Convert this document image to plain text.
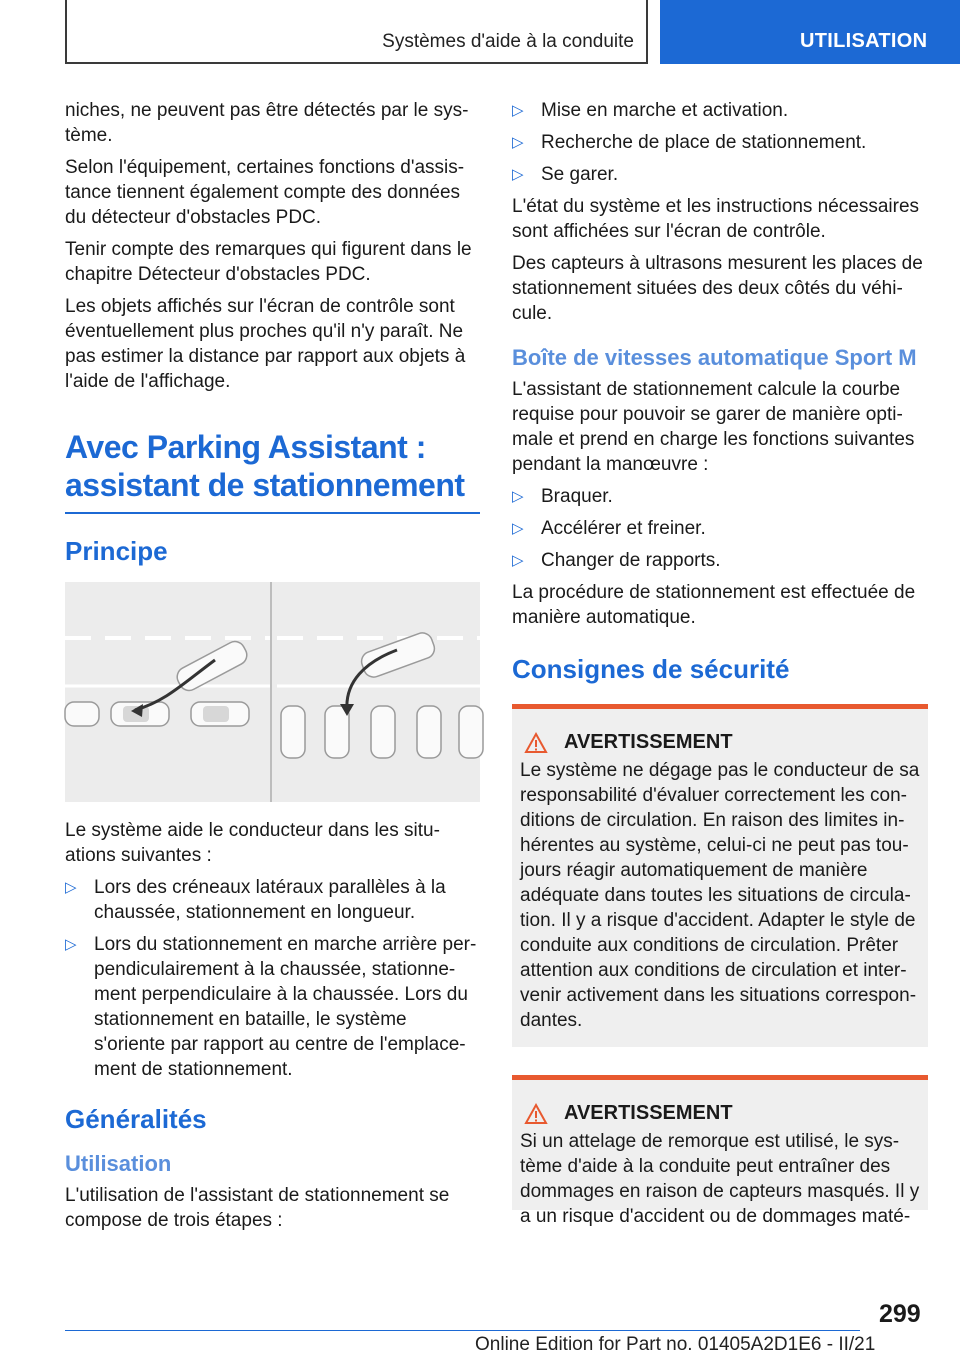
Systèmes d'aide à la conduite	UTILISATION

niches, ne peuvent pas être détectés par le sys-tème.

Selon l'équipement, certaines fonctions d'assis-tance tiennent également compte des données du détecteur d'obstacles PDC.

Tenir compte des remarques qui figurent dans le chapitre Détecteur d'obstacles PDC.

Les objets affichés sur l'écran de contrôle sont éventuellement plus proches qu'il n'y paraît. Ne pas estimer la distance par rapport aux objets à l'aide de l'affichage.

Avec Parking Assistant : assistant de stationnement
Principe

Le système aide le conducteur dans les situ-ations suivantes :

▷ Lors des créneaux latéraux parallèles à la chaussée, stationnement en longueur.
▷ Lors du stationnement en marche arrière per-pendiculairement à la chaussée, stationne-ment perpendiculaire à la chaussée. Lors du stationnement en bataille, le système s'oriente par rapport au centre de l'emplace-ment de stationnement.
Généralités
Utilisation

L'utilisation de l'assistant de stationnement se compose de trois étapes :

▷ Mise en marche et activation.
▷ Recherche de place de stationnement.
▷ Se garer.

L'état du système et les instructions nécessaires sont affichées sur l'écran de contrôle.

Des capteurs à ultrasons mesurent les places de stationnement situées des deux côtés du véhi-cule.

Boîte de vitesses automatique Sport M

L'assistant de stationnement calcule la courbe requise pour pouvoir se garer de manière opti-male et prend en charge les fonctions suivantes pendant la manœuvre :

▷ Braquer.
▷ Accélérer et freiner.
▷ Changer de rapports.

La procédure de stationnement est effectuée de manière automatique.

Consignes de sécurité
AVERTISSEMENT

Le système ne dégage pas le conducteur de sa responsabilité d'évaluer correctement les con-ditions de circulation. En raison des limites in-hérentes au système, celui-ci ne peut pas tou-jours réagir automatiquement de manière adéquate dans toutes les situations de circula-tion. Il y a risque d'accident. Adapter le style de conduite aux conditions de circulation. Prêter attention aux conditions de circulation et inter-venir activement dans les situations correspon-dantes.

AVERTISSEMENT

Si un attelage de remorque est utilisé, le sys-tème d'aide à la conduite peut entraîner des dommages en raison de capteurs masqués. Il y a un risque d'accident ou de dommages maté-

299
Online Edition for Part no. 01405A2D1E6 - II/21
